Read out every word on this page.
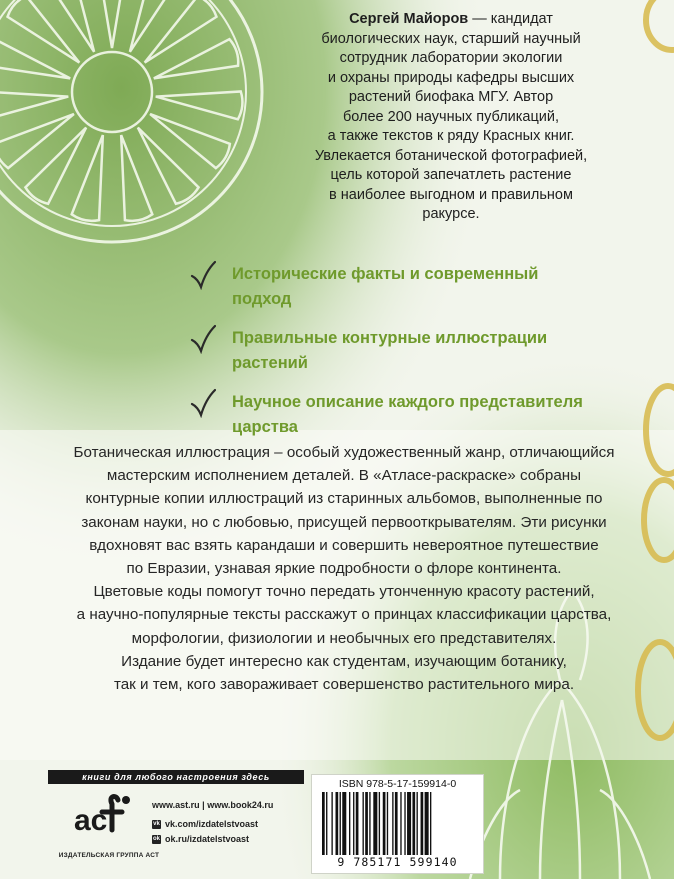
Сергей Майоров — кандидат
биологических наук, старший научный
сотрудник лаборатории экологии
и охраны природы кафедры высших
растений биофака МГУ. Автор
более 200 научных публикаций,
а также текстов к ряду Красных книг.
Увлекается ботанической фотографией,
цель которой запечатлеть растение
в наиболее выгодном и правильном
ракурсе.
Исторические факты и современный
подход
Правильные контурные иллюстрации
растений
Научное описание каждого представителя
царства

Ботаническая иллюстрация – особый художественный жанр, отличающийся

мастерским исполнением деталей. В «Атласе-раскраске» собраны

контурные копии иллюстраций из старинных альбомов, выполненные по

законам науки, но с любовью, присущей первооткрывателям. Эти рисунки

вдохновят вас взять карандаши и совершить невероятное путешествие

по Евразии, узнавая яркие подробности о флоре континента.

Цветовые коды помогут точно передать утонченную красоту растений,

а научно-популярные тексты расскажут о принцах классификации царства,

морфологии, физиологии и необычных его представителях.

Издание будет интересно как студентам, изучающим ботанику,

так и тем, кого завораживает совершенство растительного мира.

книги для любого настроения здесь
ac
ИЗДАТЕЛЬСКАЯ ГРУППА АСТ
www.ast.ru | www.book24.ru
vk vk.com/izdatelstvoast
ok ok.ru/izdatelstvoast
ISBN 978-5-17-159914-0
9 785171 599140
